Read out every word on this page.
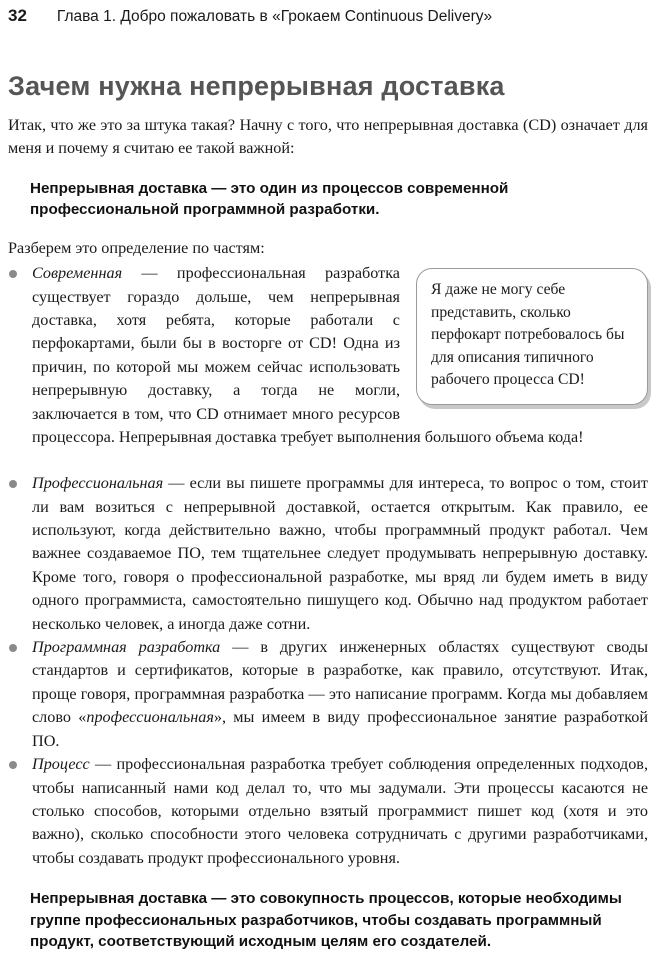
32 Глава 1. Добро пожаловать в «Грокаем Continuous Delivery»
Зачем нужна непрерывная доставка

Итак, что же это за штука такая? Начну с того, что непрерывная доставка (CD) означает для меня и почему я считаю ее такой важной:

Непрерывная доставка — это один из процессов современной профессиональной программной разработки.

Разберем это определение по частям:

Я даже не могу себе представить, сколько перфокарт потребовалось бы для описания типичного рабочего процесса CD!
Современная — профессиональная разработка существует гораздо дольше, чем непрерывная доставка, хотя ребята, которые работали с перфокартами, были бы в восторге от CD! Одна из причин, по которой мы можем сейчас использовать непрерывную доставку, а тогда не могли, заключается в том, что CD отнимает много ресурсов процессора. Непрерывная доставка требует выполнения большого объема кода!
Профессиональная — если вы пишете программы для интереса, то вопрос о том, стоит ли вам возиться с непрерывной доставкой, остается открытым. Как правило, ее используют, когда действительно важно, чтобы программный продукт работал. Чем важнее создаваемое ПО, тем тщательнее следует продумывать непрерывную доставку. Кроме того, говоря о профессиональной разработке, мы вряд ли будем иметь в виду одного программиста, самостоятельно пишущего код. Обычно над продуктом работает несколько человек, а иногда даже сотни.
Программная разработка — в других инженерных областях существуют своды стандартов и сертификатов, которые в разработке, как правило, отсутствуют. Итак, проще говоря, программная разработка — это написание программ. Когда мы добавляем слово «профессиональная», мы имеем в виду профессиональное занятие разработкой ПО.
Процесс — профессиональная разработка требует соблюдения определенных подходов, чтобы написанный нами код делал то, что мы задумали. Эти процессы касаются не столько способов, которыми отдельно взятый программист пишет код (хотя и это важно), сколько способности этого человека сотрудничать с другими разработчиками, чтобы создавать продукт профессионального уровня.

Непрерывная доставка — это совокупность процессов, которые необходимы группе профессиональных разработчиков, чтобы создавать программный продукт, соответствующий исходным целям его создателей.
